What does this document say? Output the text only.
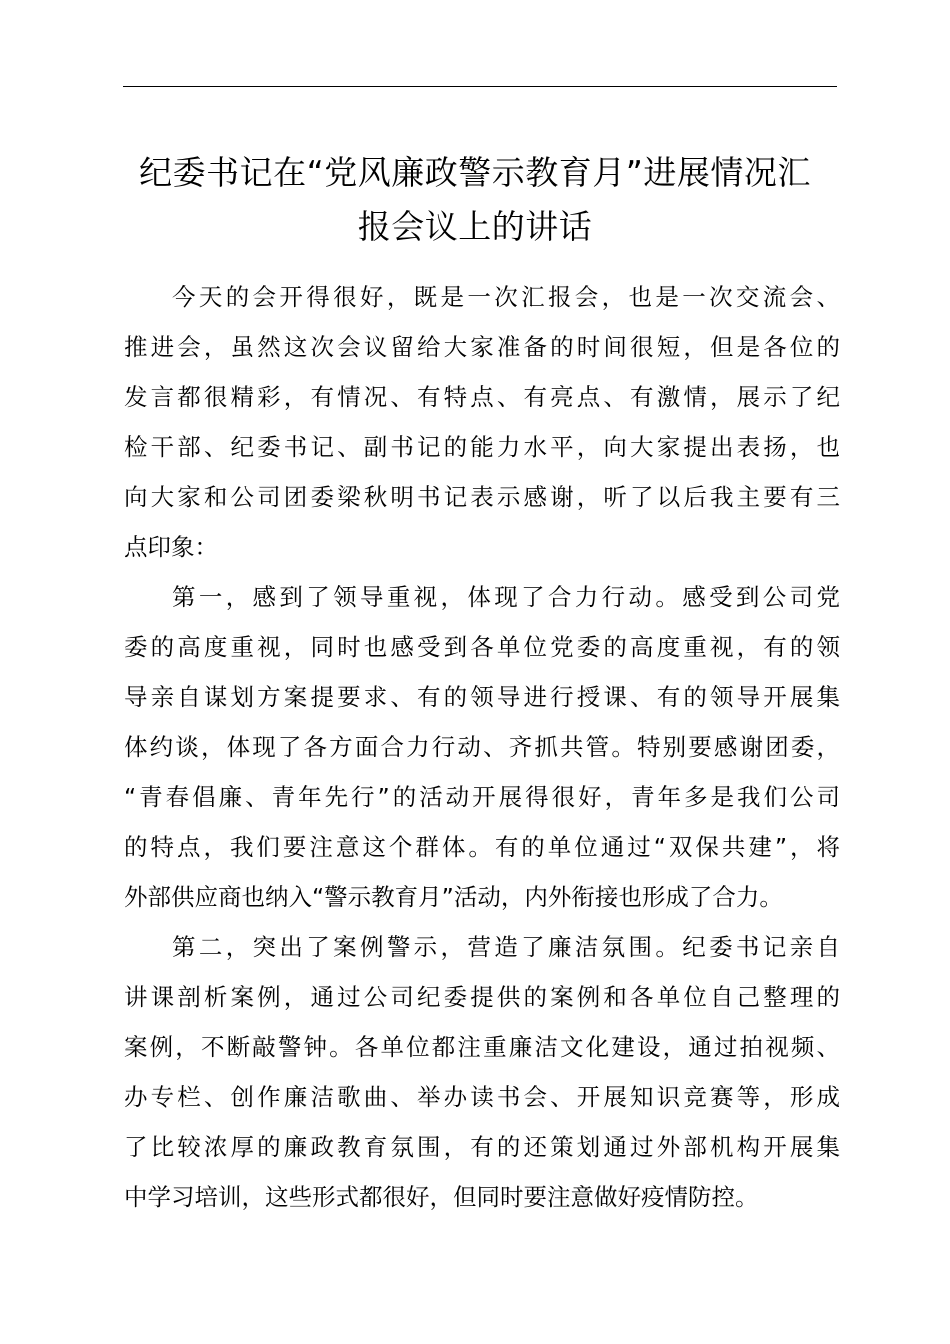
纪委书记在“党风廉政警示教育月”进展情况汇
报会议上的讲话
今天的会开得很好，既是一次汇报会，也是一次交流会、
推进会，虽然这次会议留给大家准备的时间很短，但是各位的
发言都很精彩，有情况、有特点、有亮点、有激情，展示了纪
检干部、纪委书记、副书记的能力水平，向大家提出表扬，也
向大家和公司团委梁秋明书记表示感谢，听了以后我主要有三
点印象：
第一，感到了领导重视，体现了合力行动。感受到公司党
委的高度重视，同时也感受到各单位党委的高度重视，有的领
导亲自谋划方案提要求、有的领导进行授课、有的领导开展集
体约谈，体现了各方面合力行动、齐抓共管。特别要感谢团委，
“青春倡廉、青年先行”的活动开展得很好，青年多是我们公司
的特点，我们要注意这个群体。有的单位通过“双保共建”，将
外部供应商也纳入“警示教育月”活动，内外衔接也形成了合力。
第二，突出了案例警示，营造了廉洁氛围。纪委书记亲自
讲课剖析案例，通过公司纪委提供的案例和各单位自己整理的
案例，不断敲警钟。各单位都注重廉洁文化建设，通过拍视频、
办专栏、创作廉洁歌曲、举办读书会、开展知识竞赛等，形成
了比较浓厚的廉政教育氛围，有的还策划通过外部机构开展集
中学习培训，这些形式都很好，但同时要注意做好疫情防控。
